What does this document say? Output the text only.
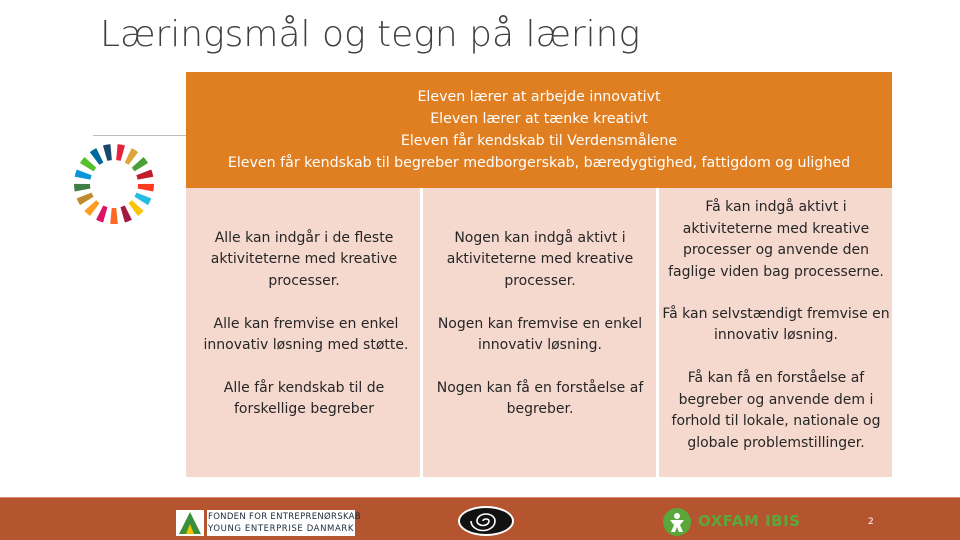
Læringsmål og tegn på læring
Eleven lærer at arbejde innovativt
Eleven lærer at tænke kreativt
Eleven får kendskab til Verdensmålene
Eleven får kendskab til begreber medborgerskab, bæredygtighed, fattigdom og ulighed
Alle kan indgår i de fleste aktiviteterne med kreative processer.
Nogen kan indgå aktivt i aktiviteterne med kreative processer.
Få kan indgå aktivt i aktiviteterne med kreative processer og anvende den faglige viden bag processerne.
Alle kan fremvise en enkel innovativ løsning med støtte.
Nogen kan fremvise en enkel innovativ løsning.
Få kan selvstændigt fremvise en innovativ løsning.
Alle får kendskab til de forskellige begreber
Nogen kan få en forståelse af begreber.
Få kan få en forståelse af begreber og anvende dem i forhold til lokale, nationale og globale problemstillinger.
FONDEN FOR ENTREPRENØRSKAB
YOUNG ENTERPRISE DANMARK	OXFAM IBIS	2
